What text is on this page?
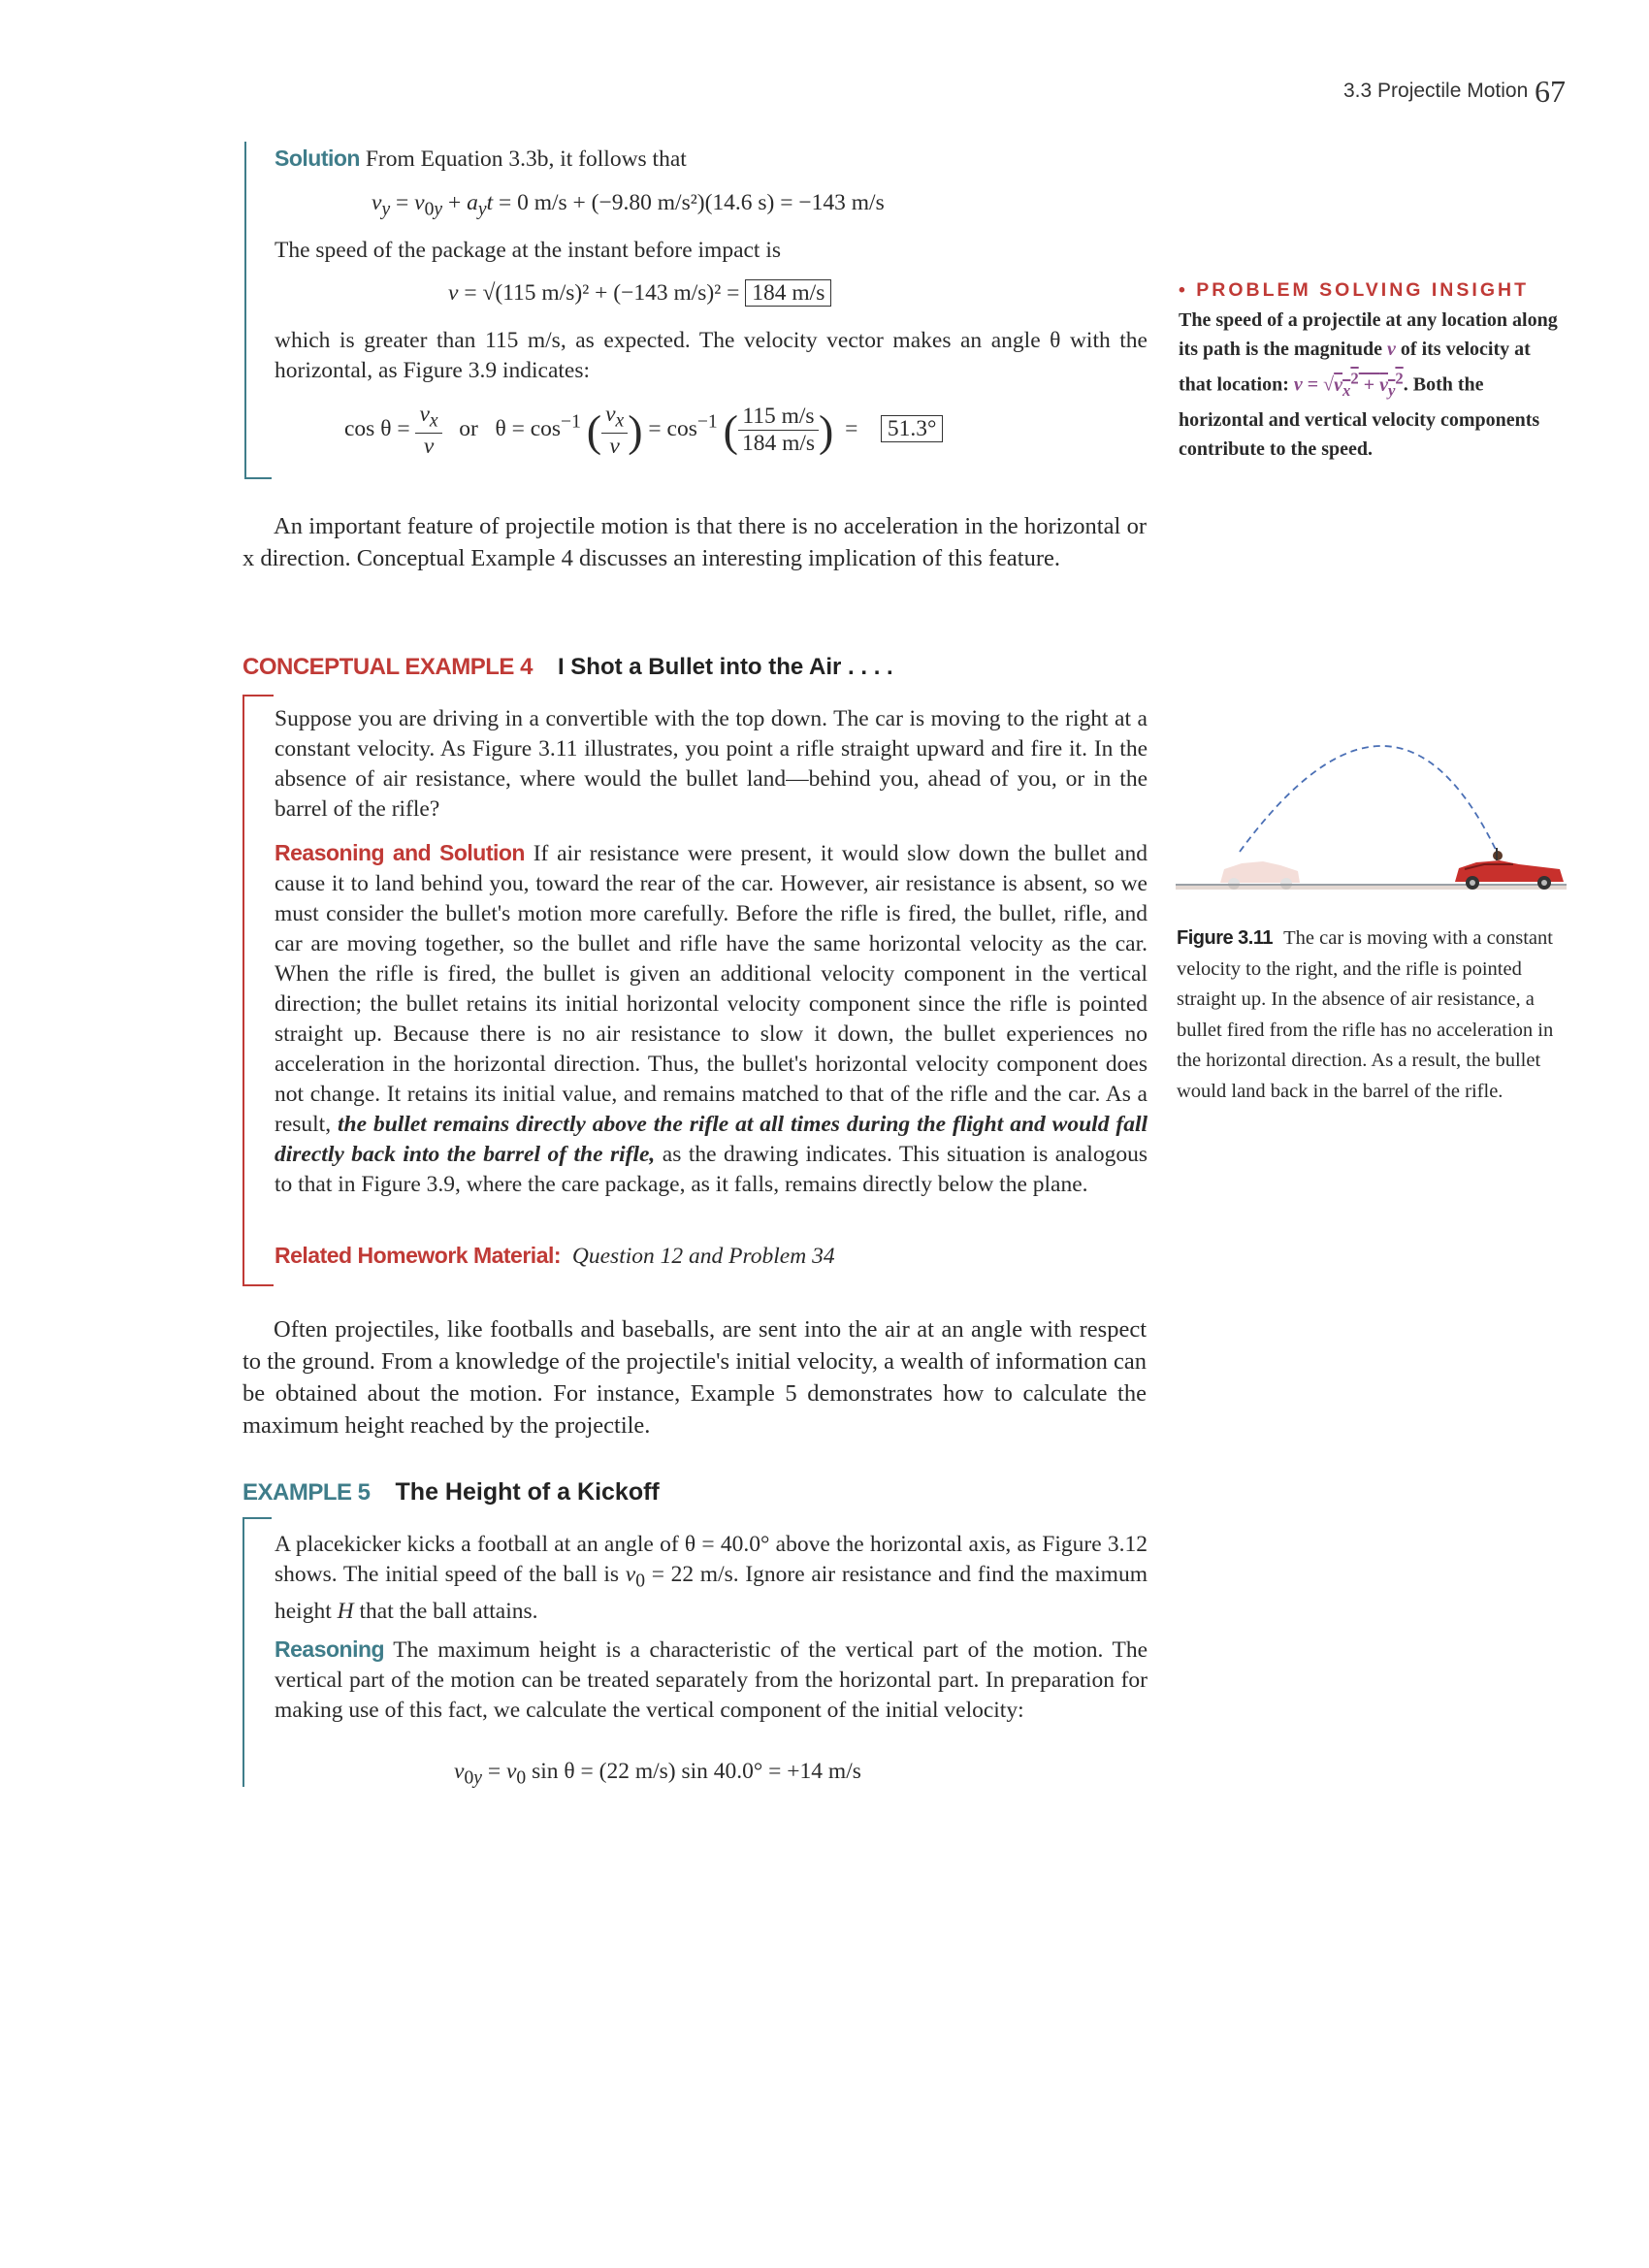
3.3 Projectile Motion 67
Solution From Equation 3.3b, it follows that
$v_y = v_{0y} + a_yt = 0$ m/s + (−9.80 m/s²)(14.6 s) = −143 m/s
The speed of the package at the instant before impact is
v = √(115 m/s)² + (−143 m/s)² = 184 m/s
which is greater than 115 m/s, as expected. The velocity vector makes an angle θ with the horizontal, as Figure 3.9 indicates:
$\cos \theta = \frac{v_x}{v}$ or $\theta = \cos^{-1}$ ( $\frac{v_x}{v}$ ) = $\cos^{-1}$ ( $\frac{115 m/s}{184 m/s}$ )  =    51.3°
• PROBLEM SOLVING INSIGHT
The speed of a projectile at any location along its path is the magnitude v of its velocity at that location: $v = √v_x^2 + v_y^2$. Both the horizontal and vertical velocity components contribute to the speed.
An important feature of projectile motion is that there is no acceleration in the horizontal or x direction. Conceptual Example 4 discusses an interesting implication of this feature.
CONCEPTUAL EXAMPLE 4 I Shot a Bullet into the Air . . . .
Suppose you are driving in a convertible with the top down. The car is moving to the right at a constant velocity. As Figure 3.11 illustrates, you point a rifle straight upward and fire it. In the absence of air resistance, where would the bullet land—behind you, ahead of you, or in the barrel of the rifle?
Reasoning and Solution If air resistance were present, it would slow down the bullet and cause it to land behind you, toward the rear of the car. However, air resistance is absent, so we must consider the bullet's motion more carefully. Before the rifle is fired, the bullet, rifle, and car are moving together, so the bullet and rifle have the same horizontal velocity as the car. When the rifle is fired, the bullet is given an additional velocity component in the vertical direction; the bullet retains its initial horizontal velocity component since the rifle is pointed straight up. Because there is no air resistance to slow it down, the bullet experiences no acceleration in the horizontal direction. Thus, the bullet's horizontal velocity component does not change. It retains its initial value, and remains matched to that of the rifle and the car. As a result, the bullet remains directly above the rifle at all times during the flight and would fall directly back into the barrel of the rifle, as the drawing indicates. This situation is analogous to that in Figure 3.9, where the care package, as it falls, remains directly below the plane.
Related Homework Material: Question 12 and Problem 34
Figure 3.11 The car is moving with a constant velocity to the right, and the rifle is pointed straight up. In the absence of air resistance, a bullet fired from the rifle has no acceleration in the horizontal direction. As a result, the bullet would land back in the barrel of the rifle.
Often projectiles, like footballs and baseballs, are sent into the air at an angle with respect to the ground. From a knowledge of the projectile's initial velocity, a wealth of information can be obtained about the motion. For instance, Example 5 demonstrates how to calculate the maximum height reached by the projectile.
EXAMPLE 5 The Height of a Kickoff
A placekicker kicks a football at an angle of θ = 40.0° above the horizontal axis, as Figure 3.12 shows. The initial speed of the ball is $v_0 = 22$ m/s. Ignore air resistance and find the maximum height H that the ball attains.
Reasoning The maximum height is a characteristic of the vertical part of the motion. The vertical part of the motion can be treated separately from the horizontal part. In preparation for making use of this fact, we calculate the vertical component of the initial velocity:
$v_{0y} = v_0$ sin θ = (22 m/s) sin 40.0° = +14 m/s
